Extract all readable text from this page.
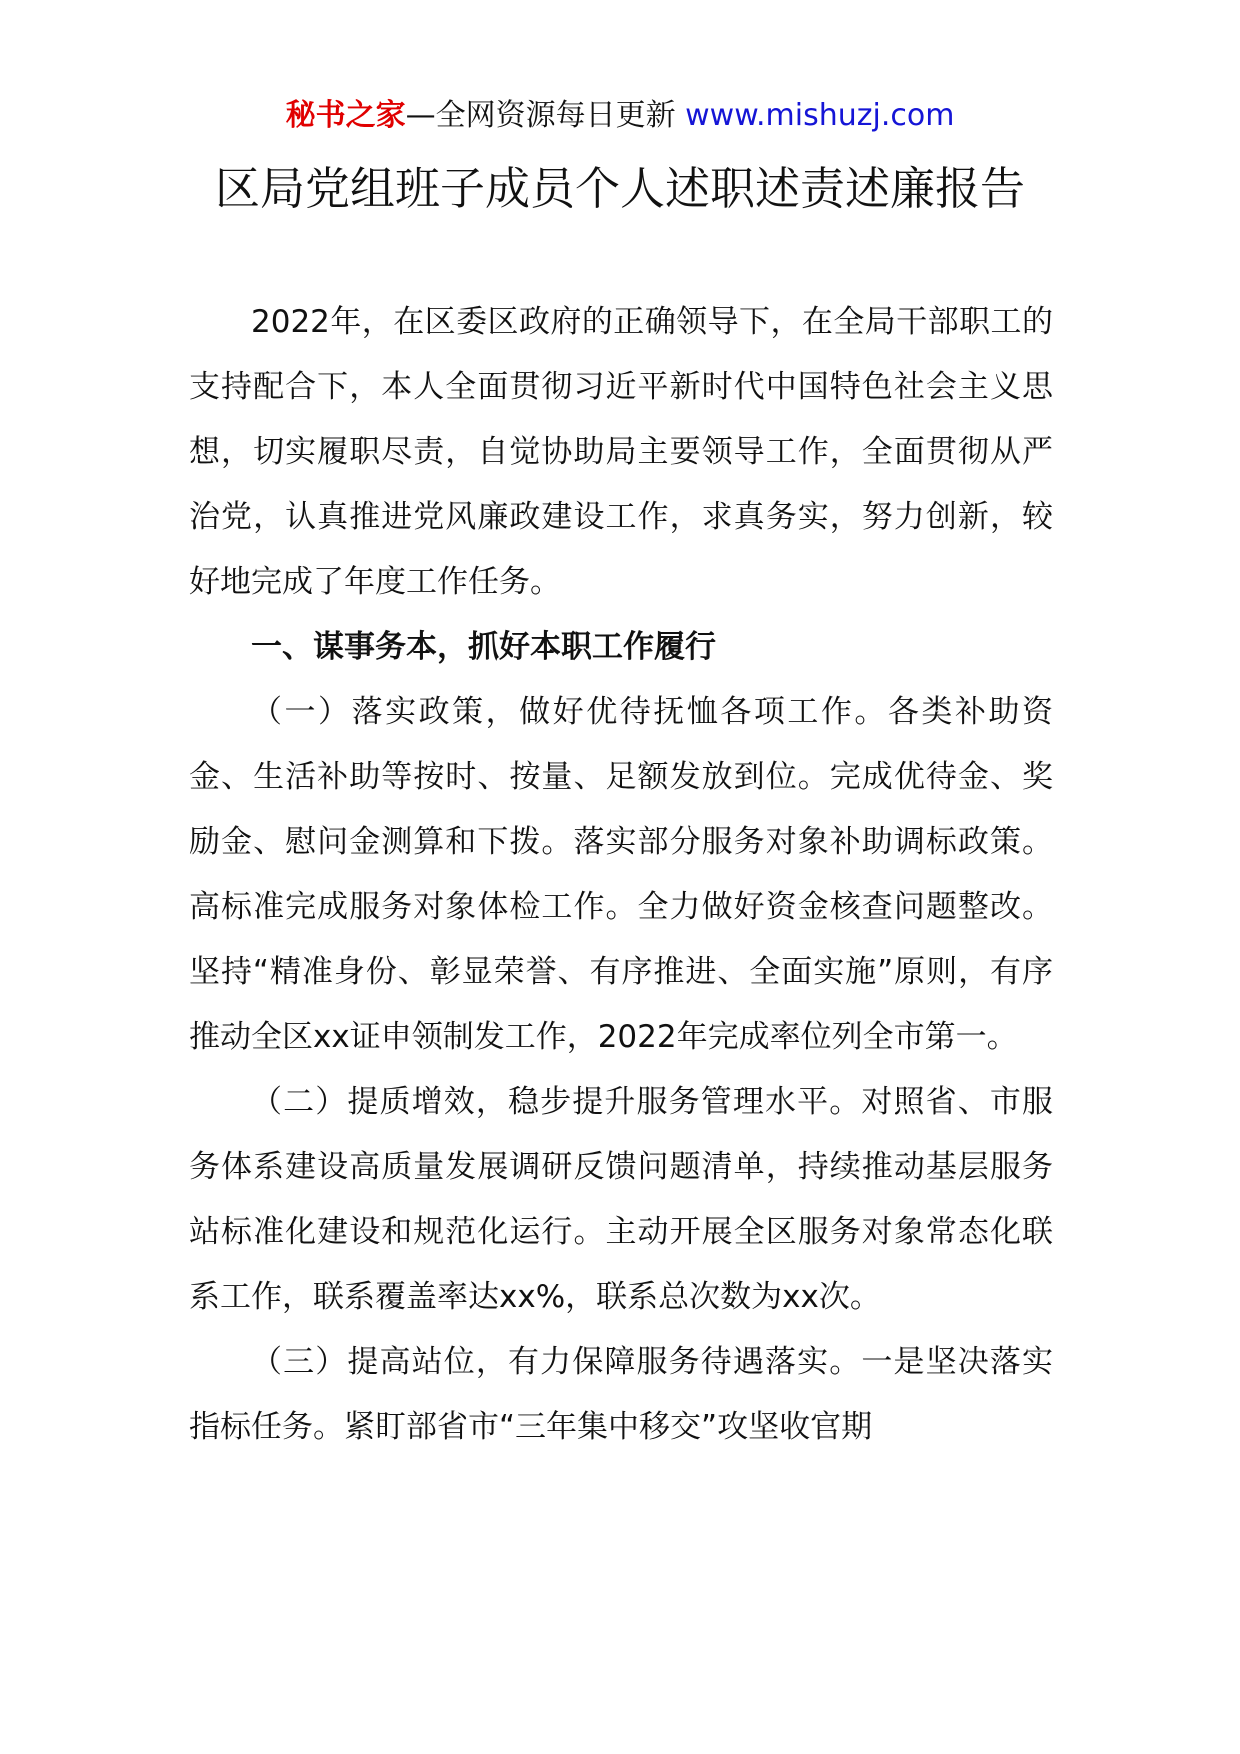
秘书之家—全网资源每日更新 www.mishuzj.com
区局党组班子成员个人述职述责述廉报告

2022年，在区委区政府的正确领导下，在全局干部职工的支持配合下，本人全面贯彻习近平新时代中国特色社会主义思想，切实履职尽责，自觉协助局主要领导工作，全面贯彻从严治党，认真推进党风廉政建设工作，求真务实，努力创新，较好地完成了年度工作任务。

一、谋事务本，抓好本职工作履行

（一）落实政策，做好优待抚恤各项工作。各类补助资金、生活补助等按时、按量、足额发放到位。完成优待金、奖励金、慰问金测算和下拨。落实部分服务对象补助调标政策。高标准完成服务对象体检工作。全力做好资金核查问题整改。坚持“精准身份、彰显荣誉、有序推进、全面实施”原则，有序推动全区xx证申领制发工作，2022年完成率位列全市第一。

（二）提质增效，稳步提升服务管理水平。对照省、市服务体系建设高质量发展调研反馈问题清单，持续推动基层服务站标准化建设和规范化运行。主动开展全区服务对象常态化联系工作，联系覆盖率达xx%，联系总次数为xx次。

（三）提高站位，有力保障服务待遇落实。一是坚决落实指标任务。紧盯部省市“三年集中移交”攻坚收官期
